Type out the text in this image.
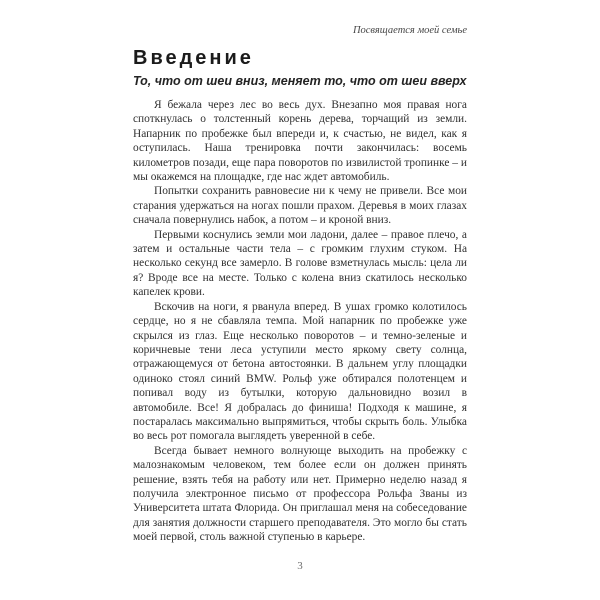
Посвящается моей семье

Введение
То, что от шеи вниз, меняет то, что от шеи вверх

Я бежала через лес во весь дух. Внезапно моя правая нога споткнулась о толстенный корень дерева, торчащий из земли. Напарник по пробежке был впереди и, к счастью, не видел, как я оступилась. Наша тренировка почти закончилась: восемь километров позади, еще пара поворотов по извилистой тропинке – и мы окажемся на площадке, где нас ждет автомобиль.

Попытки сохранить равновесие ни к чему не привели. Все мои старания удержаться на ногах пошли прахом. Деревья в моих глазах сначала повернулись набок, а потом – и кроной вниз.

Первыми коснулись земли мои ладони, далее – правое плечо, а затем и остальные части тела – с громким глухим стуком. На несколько секунд все замерло. В голове взметнулась мысль: цела ли я? Вроде все на месте. Только с колена вниз скатилось несколько капелек крови.

Вскочив на ноги, я рванула вперед. В ушах громко колотилось сердце, но я не сбавляла темпа. Мой напарник по пробежке уже скрылся из глаз. Еще несколько поворотов – и темно-зеленые и коричневые тени леса уступили место яркому свету солнца, отражающемуся от бетона автостоянки. В дальнем углу площадки одиноко стоял синий BMW. Рольф уже обтирался полотенцем и попивал воду из бутылки, которую дальновидно возил в автомобиле. Все! Я добралась до финиша! Подходя к машине, я постаралась максимально выпрямиться, чтобы скрыть боль. Улыбка во весь рот помогала выглядеть уверенной в себе.

Всегда бывает немного волнующе выходить на пробежку с малознакомым человеком, тем более если он должен принять решение, взять тебя на работу или нет. Примерно неделю назад я получила электронное письмо от профессора Рольфа Званы из Университета штата Флорида. Он приглашал меня на собеседование для занятия должности старшего преподавателя. Это могло бы стать моей первой, столь важной ступенью в карьере.

3
